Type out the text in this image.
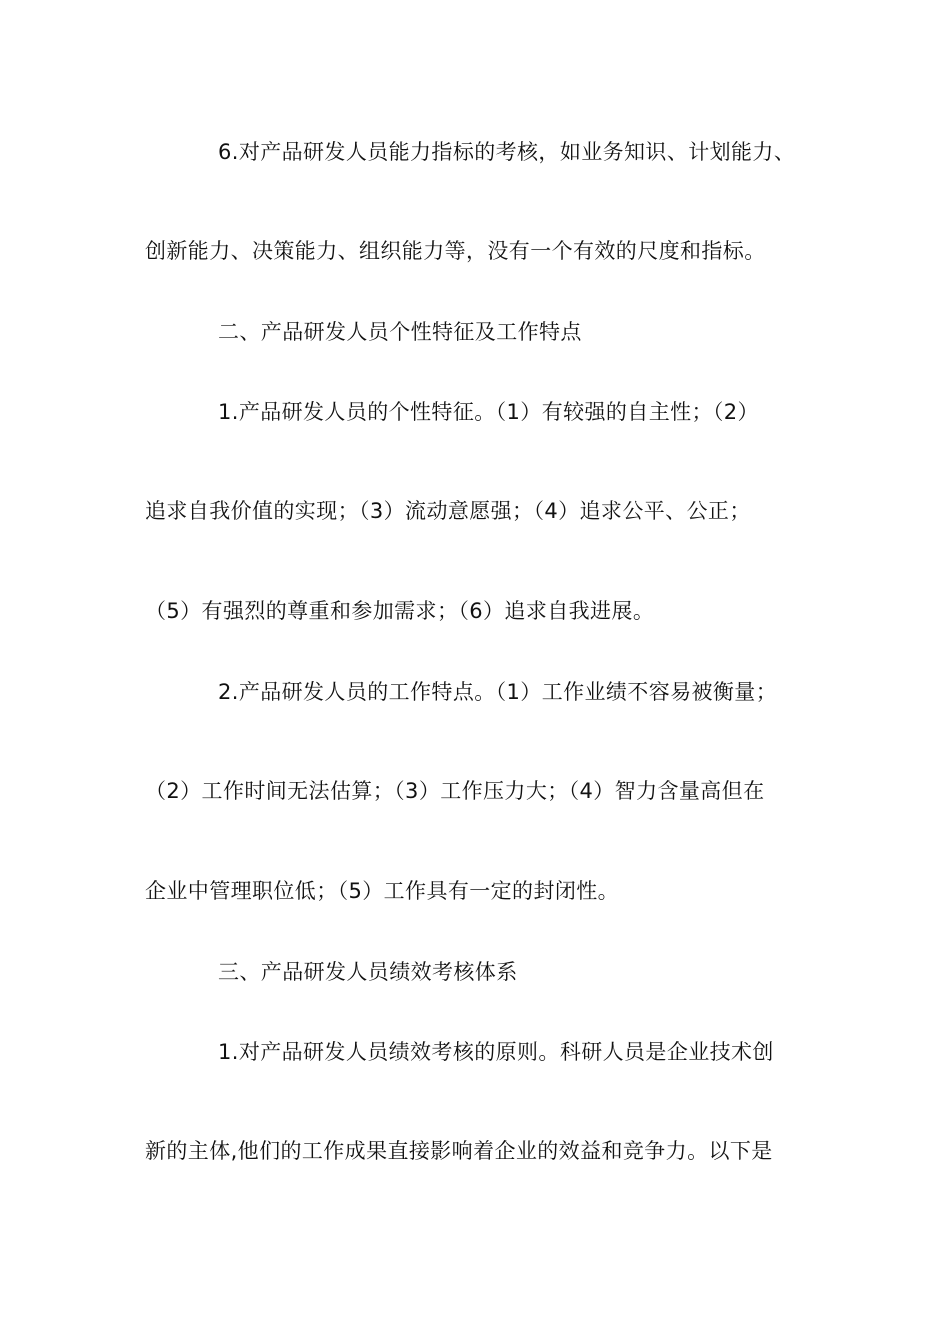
6.对产品研发人员能力指标的考核，如业务知识、计划能力、
创新能力、决策能力、组织能力等，没有一个有效的尺度和指标。
二、产品研发人员个性特征及工作特点
1.产品研发人员的个性特征。（1）有较强的自主性；（2）
追求自我价值的实现；（3）流动意愿强；（4）追求公平、公正；
（5）有强烈的尊重和参加需求；（6）追求自我进展。
2.产品研发人员的工作特点。（1）工作业绩不容易被衡量；
（2）工作时间无法估算；（3）工作压力大；（4）智力含量高但在
企业中管理职位低；（5）工作具有一定的封闭性。
三、产品研发人员绩效考核体系
1.对产品研发人员绩效考核的原则。科研人员是企业技术创
新的主体,他们的工作成果直接影响着企业的效益和竞争力。以下是
